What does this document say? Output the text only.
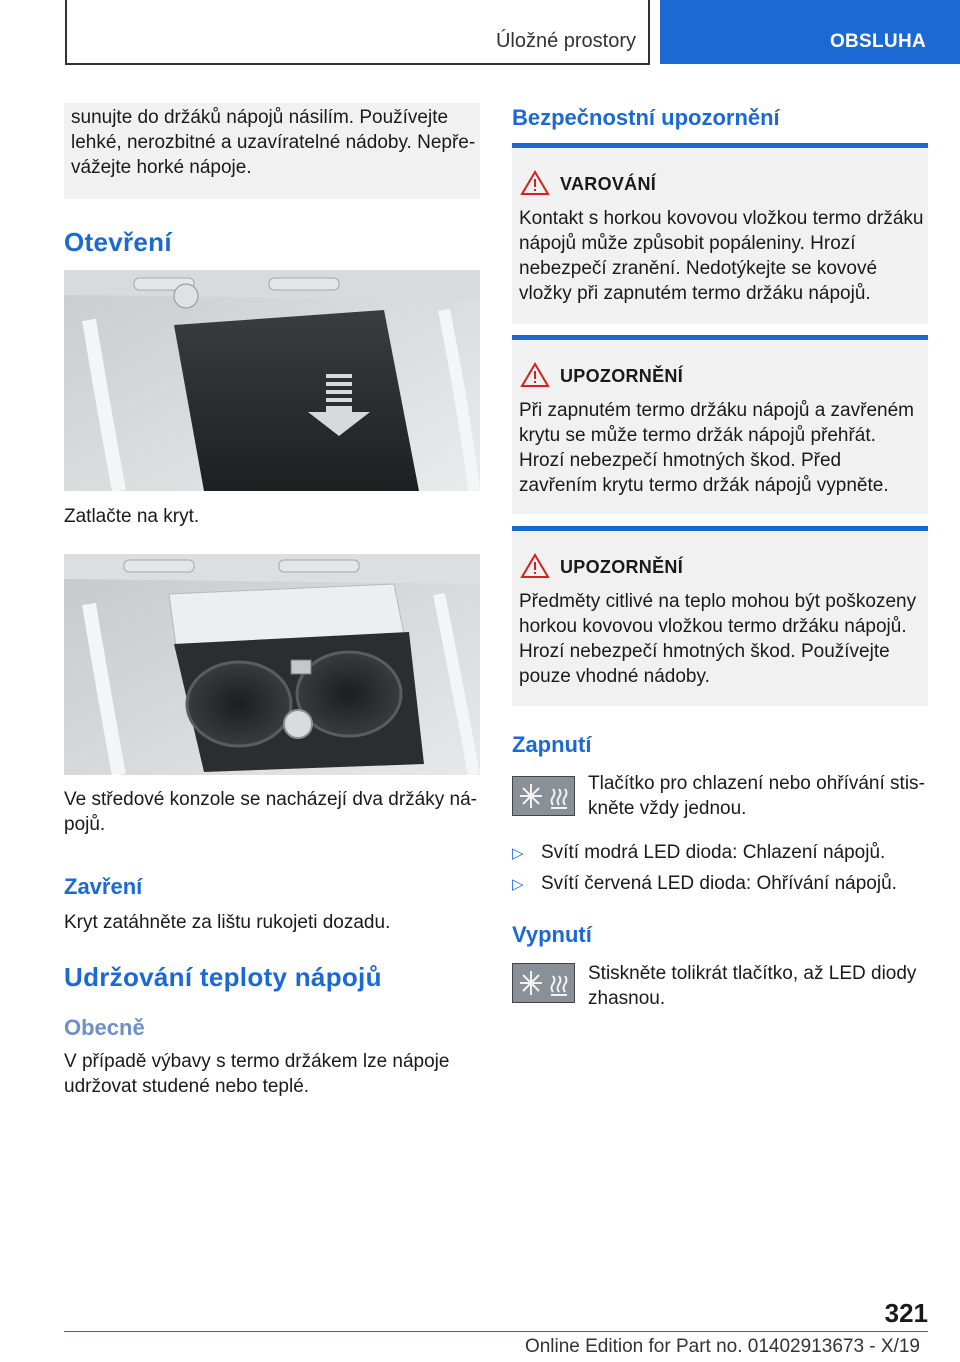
Úložné prostory	OBSLUHA
sunujte do držáků nápojů násilím. Používejte lehké, nerozbitné a uzavíratelné nádoby. Nepřevážejte horké nápoje.
Otevření
Zatlačte na kryt.
Ve středové konzole se nacházejí dva držáky nápojů.
Zavření
Kryt zatáhněte za lištu rukojeti dozadu.
Udržování teploty nápojů
Obecně
V případě výbavy s termo držákem lze nápoje udržovat studené nebo teplé.
Bezpečnostní upozornění
VAROVÁNÍ
Kontakt s horkou kovovou vložkou termo držáku nápojů může způsobit popáleniny. Hrozí nebezpečí zranění. Nedotýkejte se kovové vložky při zapnutém termo držáku nápojů.
UPOZORNĚNÍ
Při zapnutém termo držáku nápojů a zavřeném krytu se může termo držák nápojů přehřát. Hrozí nebezpečí hmotných škod. Před zavřením krytu termo držák nápojů vypněte.
UPOZORNĚNÍ
Předměty citlivé na teplo mohou být poškozeny horkou kovovou vložkou termo držáku nápojů. Hrozí nebezpečí hmotných škod. Používejte pouze vhodné nádoby.
Zapnutí
Tlačítko pro chlazení nebo ohřívání stiskněte vždy jednou.
▷ Svítí modrá LED dioda: Chlazení nápojů.
▷ Svítí červená LED dioda: Ohřívání nápojů.
Vypnutí
Stiskněte tolikrát tlačítko, až LED diody zhasnou.
321
Online Edition for Part no. 01402913673 - X/19
